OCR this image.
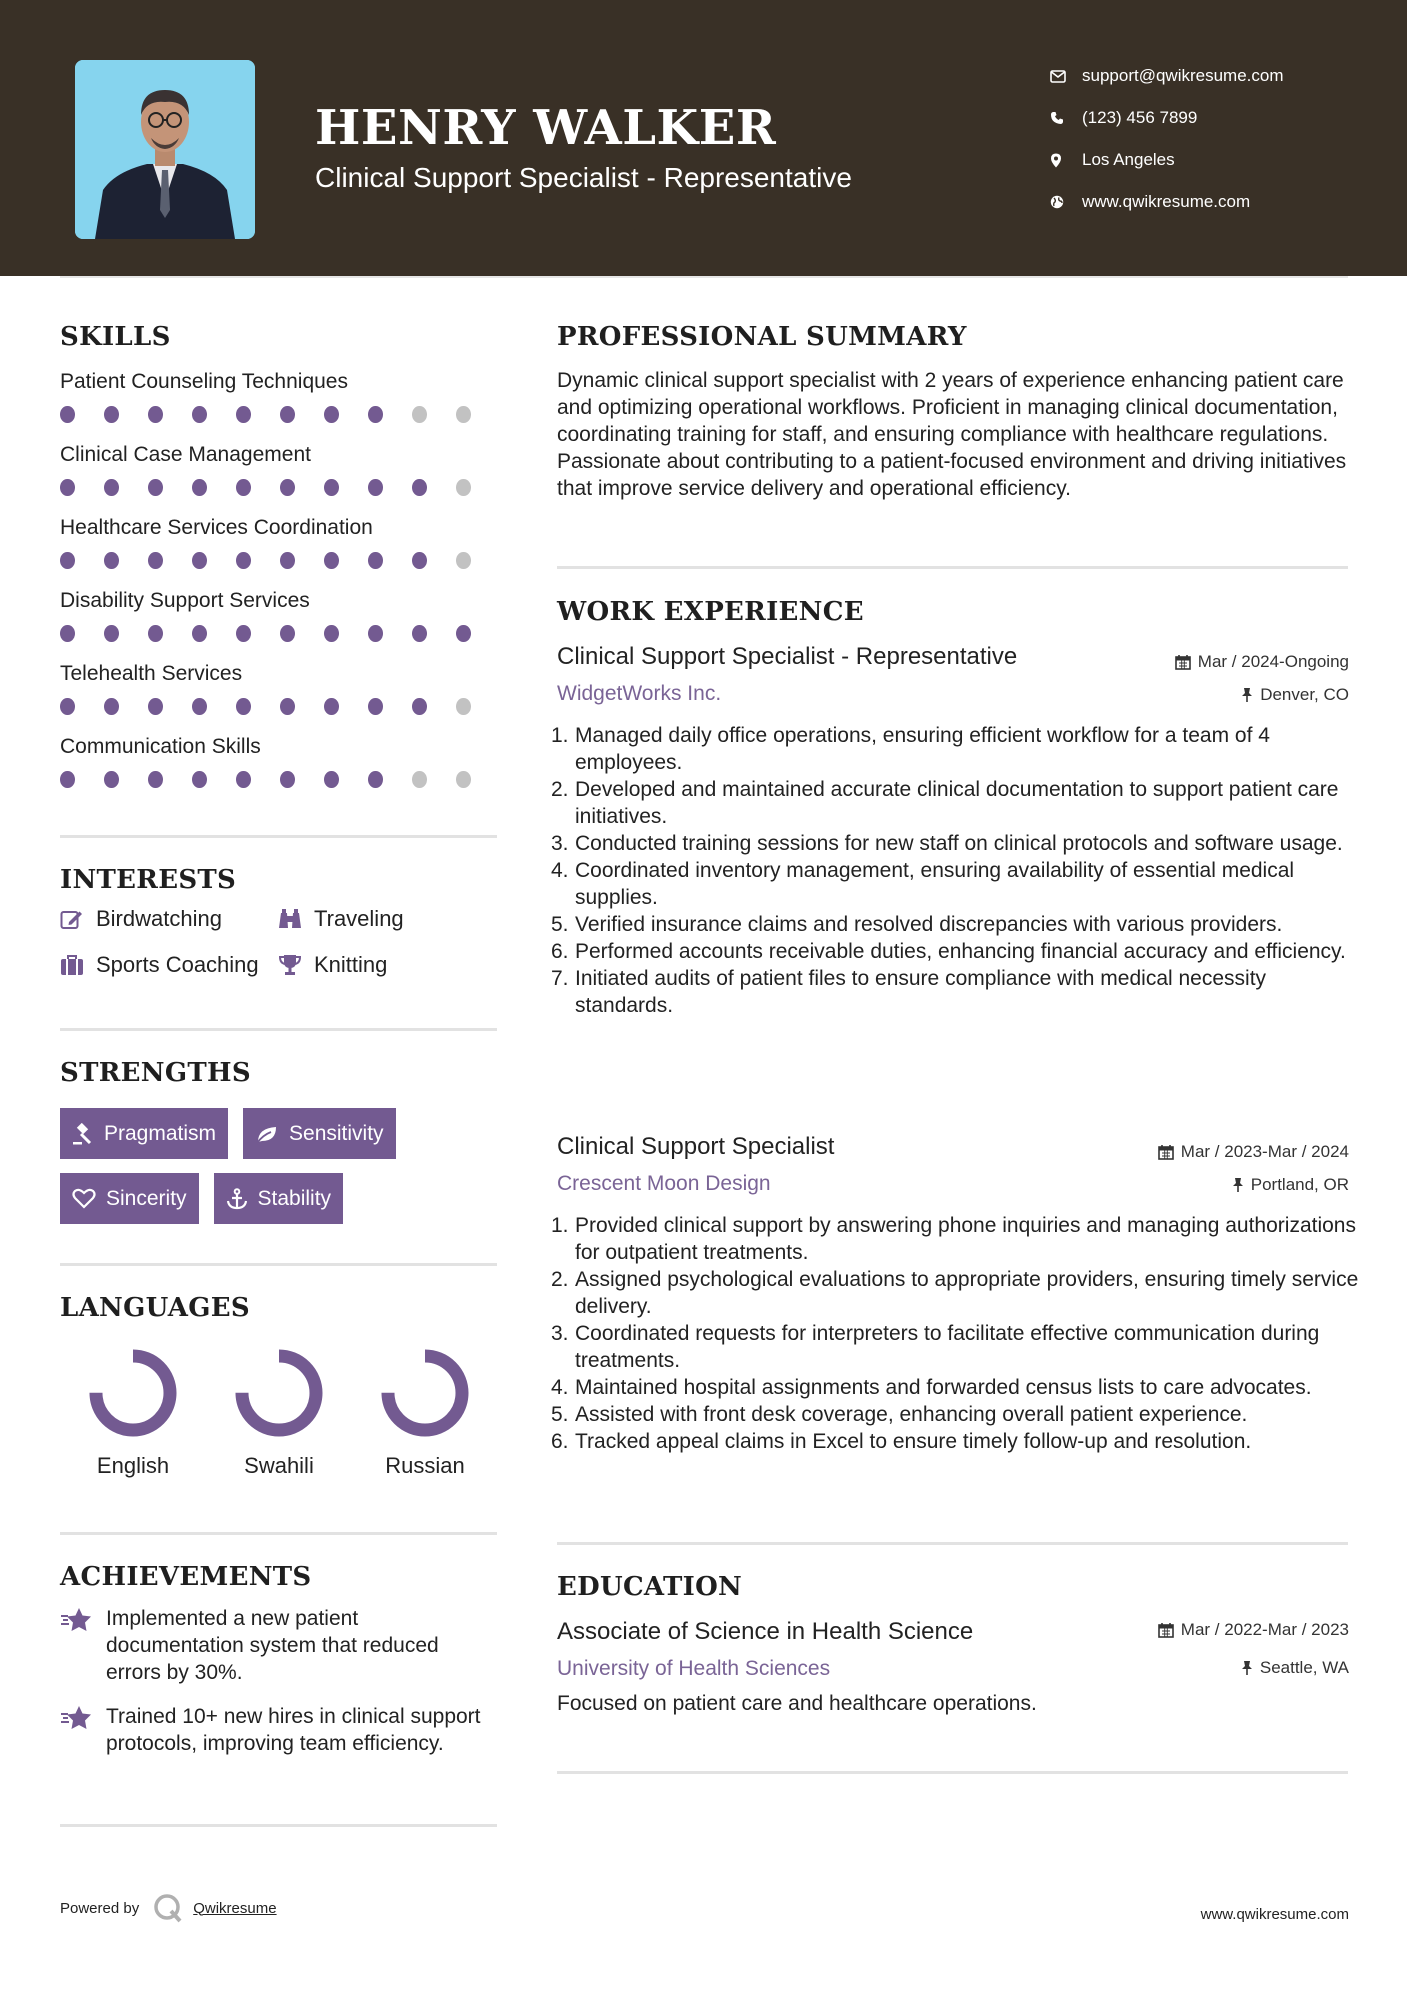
HENRY WALKER
Clinical Support Specialist - Representative
support@qwikresume.com
(123) 456 7899
Los Angeles
www.qwikresume.com
SKILLS
Patient Counseling Techniques
Clinical Case Management
Healthcare Services Coordination
Disability Support Services
Telehealth Services
Communication Skills
INTERESTS
Birdwatching	Traveling
Sports Coaching	Knitting
STRENGTHS
Pragmatism	Sensitivity
Sincerity	Stability
LANGUAGES
English	Swahili	Russian
ACHIEVEMENTS
Implemented a new patient documentation system that reduced errors by 30%.
Trained 10+ new hires in clinical support protocols, improving team efficiency.
PROFESSIONAL SUMMARY
Dynamic clinical support specialist with 2 years of experience enhancing patient care and optimizing operational workflows. Proficient in managing clinical documentation, coordinating training for staff, and ensuring compliance with healthcare regulations. Passionate about contributing to a patient-focused environment and driving initiatives that improve service delivery and operational efficiency.
WORK EXPERIENCE
Clinical Support Specialist - Representative	Mar / 2024-Ongoing
WidgetWorks Inc.	Denver, CO
1. Managed daily office operations, ensuring efficient workflow for a team of 4 employees.
2. Developed and maintained accurate clinical documentation to support patient care initiatives.
3. Conducted training sessions for new staff on clinical protocols and software usage.
4. Coordinated inventory management, ensuring availability of essential medical supplies.
5. Verified insurance claims and resolved discrepancies with various providers.
6. Performed accounts receivable duties, enhancing financial accuracy and efficiency.
7. Initiated audits of patient files to ensure compliance with medical necessity standards.
Clinical Support Specialist	Mar / 2023-Mar / 2024
Crescent Moon Design	Portland, OR
1. Provided clinical support by answering phone inquiries and managing authorizations for outpatient treatments.
2. Assigned psychological evaluations to appropriate providers, ensuring timely service delivery.
3. Coordinated requests for interpreters to facilitate effective communication during treatments.
4. Maintained hospital assignments and forwarded census lists to care advocates.
5. Assisted with front desk coverage, enhancing overall patient experience.
6. Tracked appeal claims in Excel to ensure timely follow-up and resolution.
EDUCATION
Associate of Science in Health Science	Mar / 2022-Mar / 2023
University of Health Sciences	Seattle, WA
Focused on patient care and healthcare operations.
Powered by	Qwikresume	www.qwikresume.com
